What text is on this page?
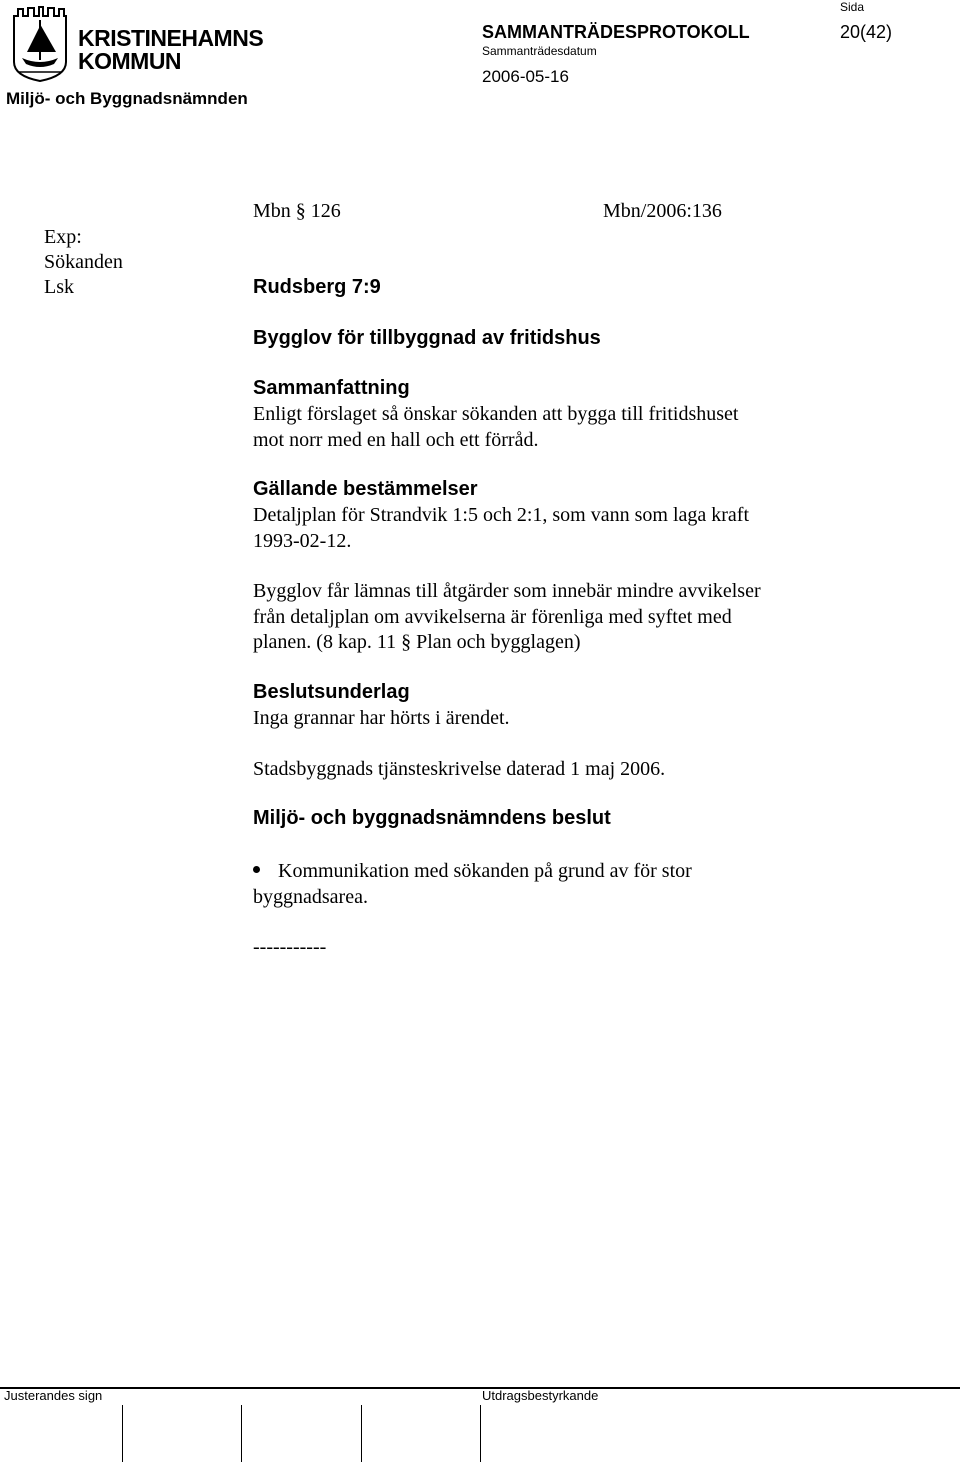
KRISTINEHAMNS
KOMMUN
Miljö- och Byggnadsnämnden
SAMMANTRÄDESPROTOKOLL
Sammanträdesdatum
2006-05-16
Sida
20(42)
Mbn § 126	Mbn/2006:136
Exp:
Sökanden
Lsk	Rudsberg 7:9
Bygglov för tillbyggnad av fritidshus
Sammanfattning
Enligt förslaget så önskar sökanden att bygga till fritidshuset
mot norr med en hall och ett förråd.
Gällande bestämmelser
Detaljplan för Strandvik 1:5 och 2:1, som vann som laga kraft
1993-02-12.
Bygglov får lämnas till åtgärder som innebär mindre avvikelser
från detaljplan om avvikelserna är förenliga med syftet med
planen. (8 kap. 11 § Plan och bygglagen)
Beslutsunderlag
Inga grannar har hörts i ärendet.
Stadsbyggnads tjänsteskrivelse daterad 1 maj 2006.
Miljö- och byggnadsnämndens beslut
Kommunikation med sökanden på grund av för stor
byggnadsarea.
-----------
Justerandes sign	Utdragsbestyrkande
